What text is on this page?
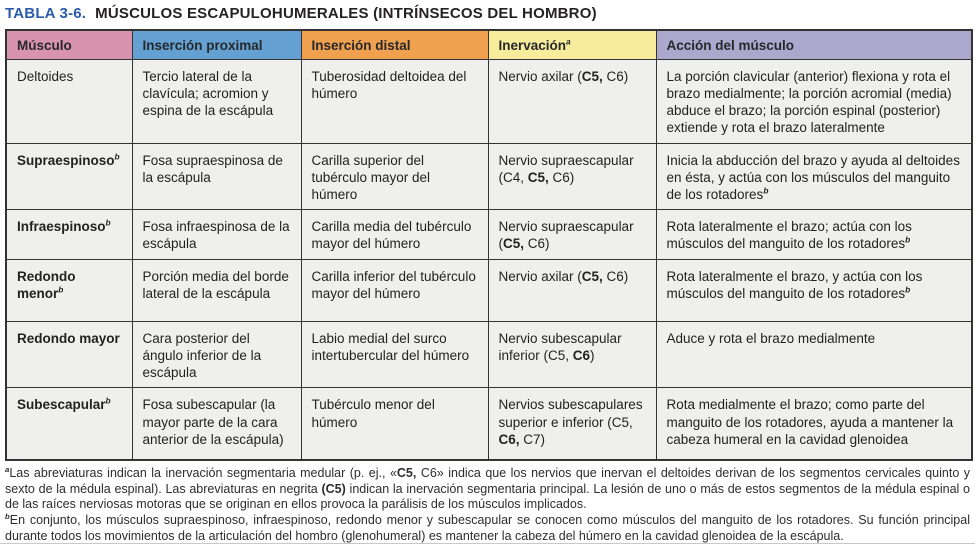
TABLA 3-6. MÚSCULOS ESCAPULOHUMERALES (INTRÍNSECOS DEL HOMBRO)
Músculo	Inserción proximal	Inserción distal	Inervación$^a$	Acción del músculo
Deltoides	Tercio lateral de la clavícula; acromion y espina de la escápula	Tuberosidad deltoidea del húmero	Nervio axilar (C5, C6)	La porción clavicular (anterior) flexiona y rota el brazo medialmente; la porción acromial (media) abduce el brazo; la porción espinal (posterior) extiende y rota el brazo lateralmente
Supraespinoso$^b$	Fosa supraespinosa de la escápula	Carilla superior del tubérculo mayor del húmero	Nervio supraescapular (C4, C5, C6)	Inicia la abducción del brazo y ayuda al deltoides en ésta, y actúa con los músculos del manguito de los rotadores$^b$
Infraespinoso$^b$	Fosa infraespinosa de la escápula	Carilla media del tubérculo mayor del húmero	Nervio supraescapular (C5, C6)	Rota lateralmente el brazo; actúa con los músculos del manguito de los rotadores$^b$
Redondo menor$^b$	Porción media del borde lateral de la escápula	Carilla inferior del tubérculo mayor del húmero	Nervio axilar (C5, C6)	Rota lateralmente el brazo, y actúa con los músculos del manguito de los rotadores$^b$
Redondo mayor	Cara posterior del ángulo inferior de la escápula	Labio medial del surco intertubercular del húmero	Nervio subescapular inferior (C5, C6)	Aduce y rota el brazo medialmente
Subescapular$^b$	Fosa subescapular (la mayor parte de la cara anterior de la escápula)	Tubérculo menor del húmero	Nervios subescapulares superior e inferior (C5, C6, C7)	Rota medialmente el brazo; como parte del manguito de los rotadores, ayuda a mantener la cabeza humeral en la cavidad glenoidea

$^a$Las abreviaturas indican la inervación segmentaria medular (p. ej., «C5, C6» indica que los nervios que inervan el deltoides derivan de los segmentos cervicales quinto y sexto de la médula espinal). Las abreviaturas en negrita (C5) indican la inervación segmentaria principal. La lesión de uno o más de estos segmentos de la médula espinal o de las raíces nerviosas motoras que se originan en ellos provoca la parálisis de los músculos implicados.

$^b$En conjunto, los músculos supraespinoso, infraespinoso, redondo menor y subescapular se conocen como músculos del manguito de los rotadores. Su función principal durante todos los movimientos de la articulación del hombro (glenohumeral) es mantener la cabeza del húmero en la cavidad glenoidea de la escápula.
